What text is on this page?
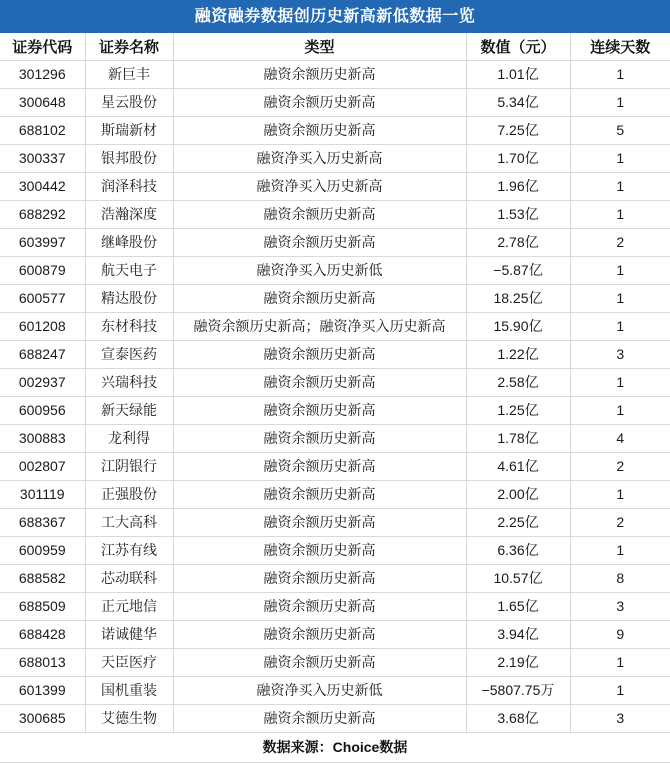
融资融券数据创历史新高新低数据一览
证券代码	证券名称	类型	数值（元）	连续天数
301296	新巨丰	融资余额历史新高	1.01亿	1
300648	星云股份	融资余额历史新高	5.34亿	1
688102	斯瑞新材	融资余额历史新高	7.25亿	5
300337	银邦股份	融资净买入历史新高	1.70亿	1
300442	润泽科技	融资净买入历史新高	1.96亿	1
688292	浩瀚深度	融资余额历史新高	1.53亿	1
603997	继峰股份	融资余额历史新高	2.78亿	2
600879	航天电子	融资净买入历史新低	−5.87亿	1
600577	精达股份	融资余额历史新高	18.25亿	1
601208	东材科技	融资余额历史新高；融资净买入历史新高	15.90亿	1
688247	宣泰医药	融资余额历史新高	1.22亿	3
002937	兴瑞科技	融资余额历史新高	2.58亿	1
600956	新天绿能	融资余额历史新高	1.25亿	1
300883	龙利得	融资余额历史新高	1.78亿	4
002807	江阴银行	融资余额历史新高	4.61亿	2
301119	正强股份	融资余额历史新高	2.00亿	1
688367	工大高科	融资余额历史新高	2.25亿	2
600959	江苏有线	融资余额历史新高	6.36亿	1
688582	芯动联科	融资余额历史新高	10.57亿	8
688509	正元地信	融资余额历史新高	1.65亿	3
688428	诺诚健华	融资余额历史新高	3.94亿	9
688013	天臣医疗	融资余额历史新高	2.19亿	1
601399	国机重装	融资净买入历史新低	−5807.75万	1
300685	艾德生物	融资余额历史新高	3.68亿	3
数据来源：Choice数据
